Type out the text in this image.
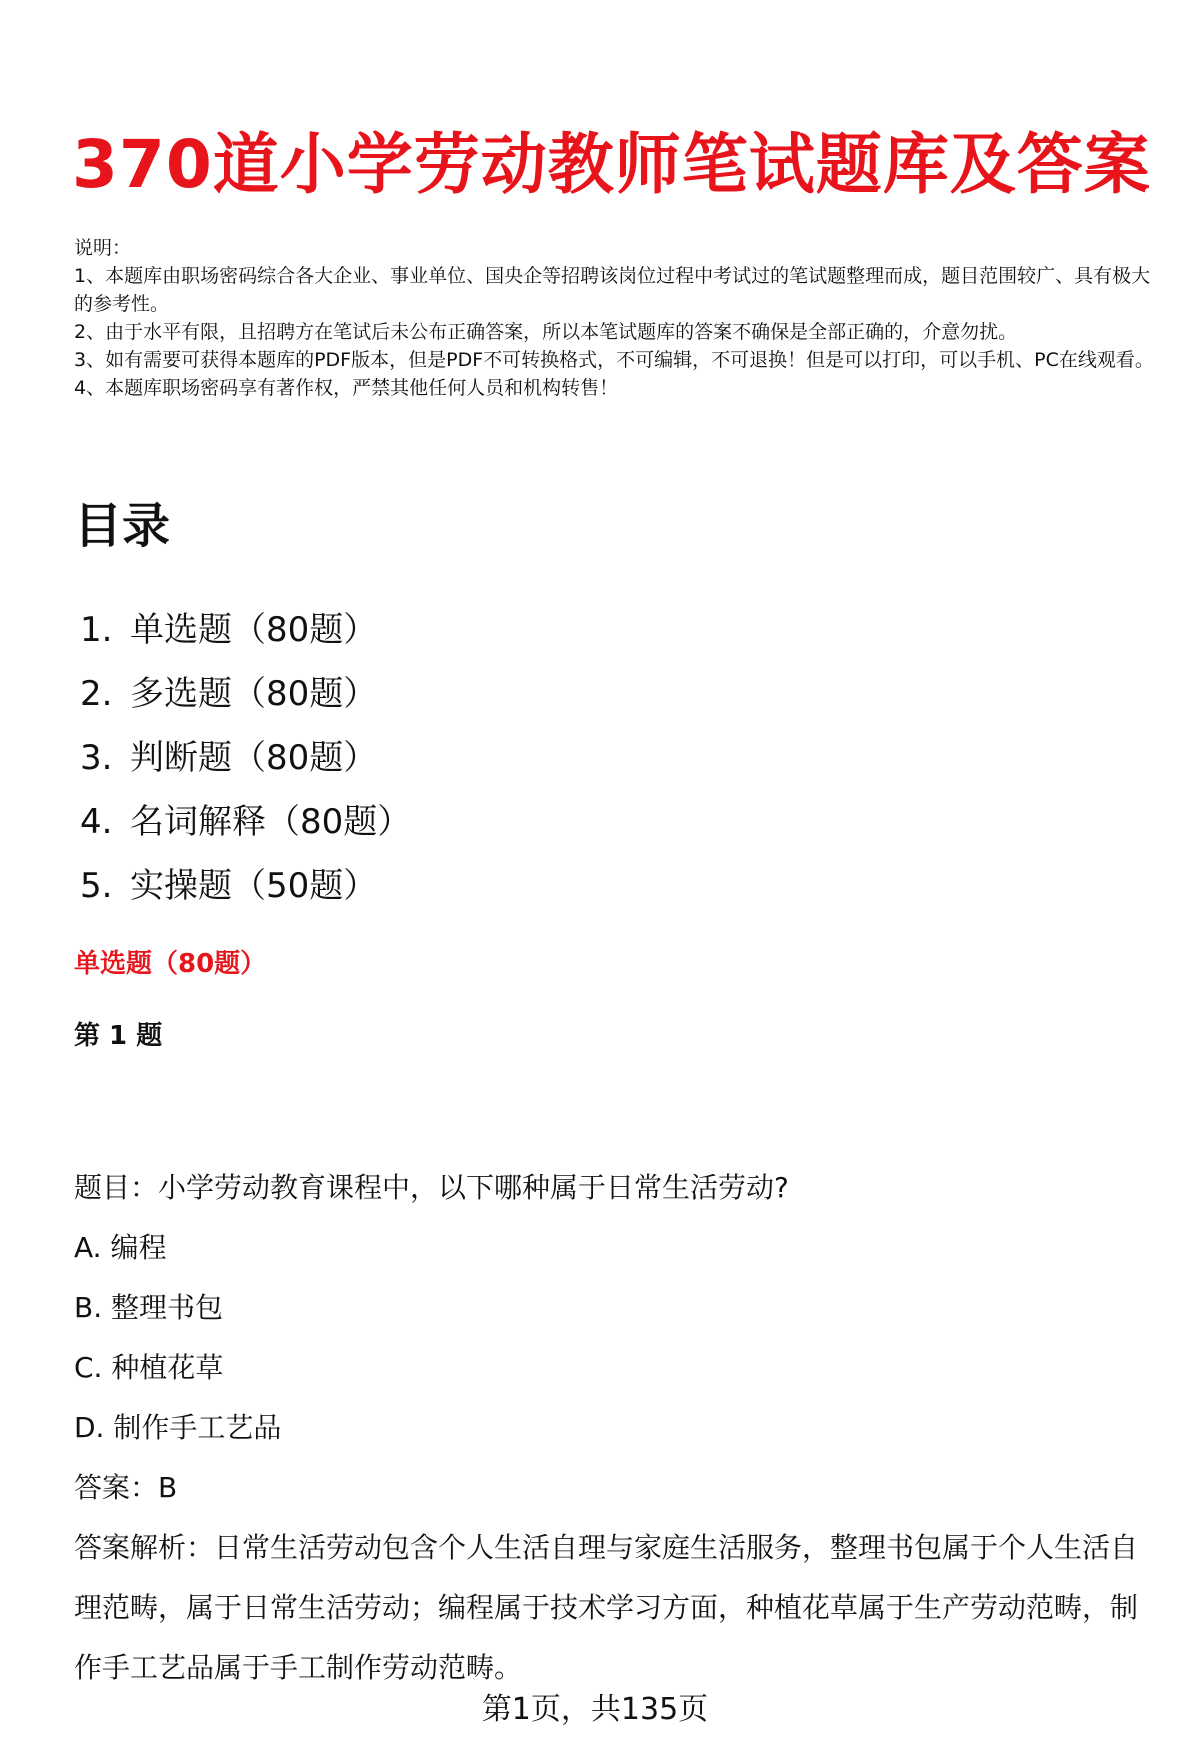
370道小学劳动教师笔试题库及答案

说明：

1、本题库由职场密码综合各大企业、事业单位、国央企等招聘该岗位过程中考试过的笔试题整理而成，题目范围较广、具有极大的参考性。

2、由于水平有限，且招聘方在笔试后未公布正确答案，所以本笔试题库的答案不确保是全部正确的，介意勿扰。

3、如有需要可获得本题库的PDF版本，但是PDF不可转换格式，不可编辑，不可退换！但是可以打印，可以手机、PC在线观看。

4、本题库职场密码享有著作权，严禁其他任何人员和机构转售！

目录
1. 单选题（80题）
2. 多选题（80题）
3. 判断题（80题）
4. 名词解释（80题）
5. 实操题（50题）
单选题（80题）
第 1 题
题目：小学劳动教育课程中，以下哪种属于日常生活劳动?
A. 编程
B. 整理书包
C. 种植花草
D. 制作手工艺品
答案：B
答案解析：日常生活劳动包含个人生活自理与家庭生活服务，整理书包属于个人生活自理范畴，属于日常生活劳动；编程属于技术学习方面，种植花草属于生产劳动范畴，制作手工艺品属于手工制作劳动范畴。
第1页，共135页
